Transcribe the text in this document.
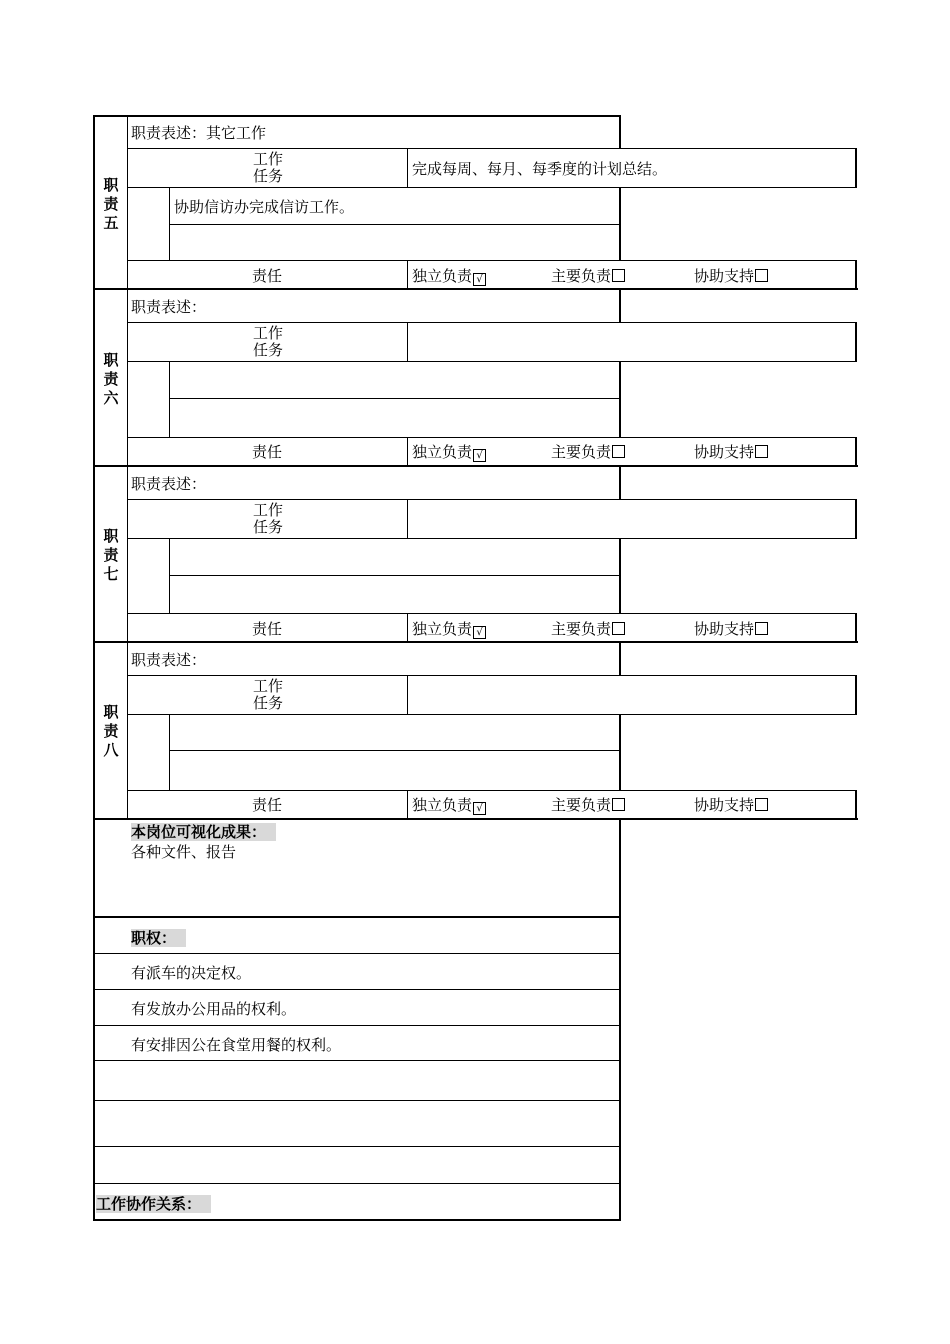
职
责
五
职责表述：其它工作
工作
任务	完成每周、每月、每季度的计划总结。
协助信访办完成信访工作。
责任	独立负责 √	主要负责	协助支持
职
责
六
职责表述：
工作
任务
责任	独立负责 √	主要负责	协助支持
职
责
七
职责表述：
工作
任务
责任	独立负责 √	主要负责	协助支持
职
责
八
职责表述：
工作
任务
责任	独立负责 √	主要负责	协助支持
本岗位可视化成果：
各种文件、报告
职权：
有派车的决定权。
有发放办公用品的权利。
有安排因公在食堂用餐的权利。
工作协作关系：
